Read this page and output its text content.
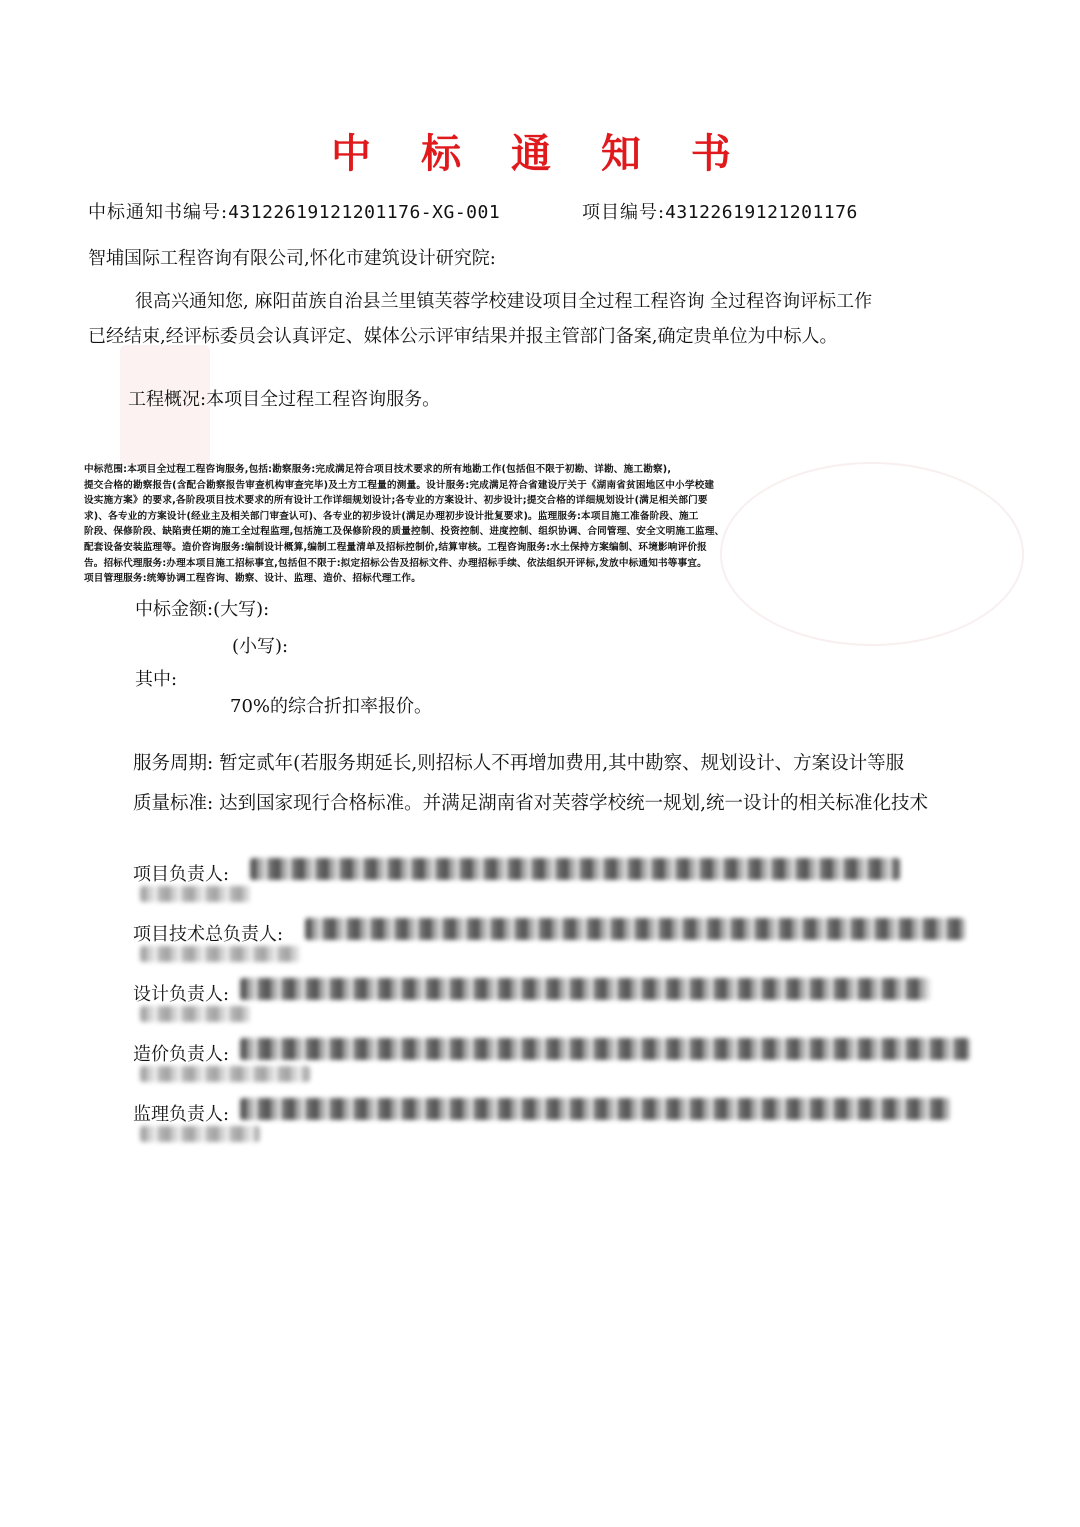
中 标 通 知 书
中标通知书编号:43122619121201176-XG-001	项目编号:43122619121201176
智埔国际工程咨询有限公司,怀化市建筑设计研究院:
很高兴通知您, 麻阳苗族自治县兰里镇芙蓉学校建设项目全过程工程咨询 全过程咨询评标工作
已经结束,经评标委员会认真评定、媒体公示评审结果并报主管部门备案,确定贵单位为中标人。
工程概况:本项目全过程工程咨询服务。
中标范围:本项目全过程工程咨询服务,包括:勘察服务:完成满足符合项目技术要求的所有地勘工作(包括但不限于初勘、详勘、施工勘察),
提交合格的勘察报告(含配合勘察报告审查机构审查完毕)及土方工程量的测量。设计服务:完成满足符合省建设厅关于《湖南省贫困地区中小学校建
设实施方案》的要求,各阶段项目技术要求的所有设计工作详细规划设计;各专业的方案设计、初步设计;提交合格的详细规划设计(满足相关部门要
求)、各专业的方案设计(经业主及相关部门审查认可)、各专业的初步设计(满足办理初步设计批复要求)。监理服务:本项目施工准备阶段、施工
阶段、保修阶段、缺陷责任期的施工全过程监理,包括施工及保修阶段的质量控制、投资控制、进度控制、组织协调、合同管理、安全文明施工监理、
配套设备安装监理等。造价咨询服务:编制设计概算,编制工程量清单及招标控制价,结算审核。工程咨询服务:水土保持方案编制、环境影响评价报
告。招标代理服务:办理本项目施工招标事宜,包括但不限于:拟定招标公告及招标文件、办理招标手续、依法组织开评标,发放中标通知书等事宜。
项目管理服务:统筹协调工程咨询、勘察、设计、监理、造价、招标代理工作。
中标金额:(大写):
(小写):
其中:
70%的综合折扣率报价。
服务周期: 暂定贰年(若服务期延长,则招标人不再增加费用,其中勘察、规划设计、方案设计等服
质量标准: 达到国家现行合格标准。并满足湖南省对芙蓉学校统一规划,统一设计的相关标准化技术
项目负责人:
项目技术总负责人:
设计负责人:
造价负责人:
监理负责人:
